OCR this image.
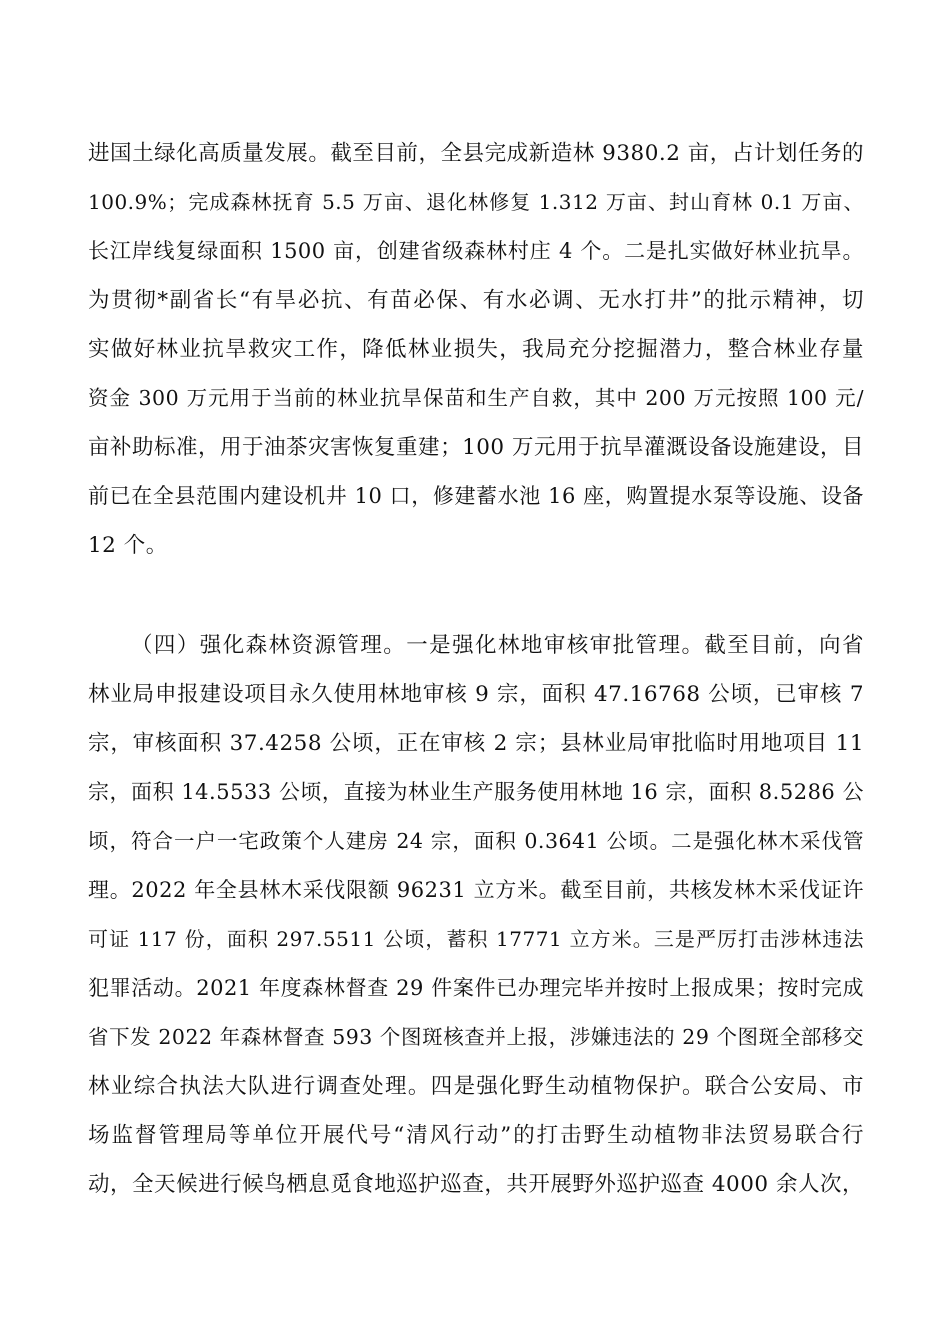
进国土绿化高质量发展。截至目前，全县完成新造林 9380.2 亩，占计划任务的
100.9%；完成森林抚育 5.5 万亩、退化林修复 1.312 万亩、封山育林 0.1 万亩、
长江岸线复绿面积 1500 亩，创建省级森林村庄 4 个。二是扎实做好林业抗旱。
为贯彻*副省长“有旱必抗、有苗必保、有水必调、无水打井”的批示精神，切
实做好林业抗旱救灾工作，降低林业损失，我局充分挖掘潜力，整合林业存量
资金 300 万元用于当前的林业抗旱保苗和生产自救，其中 200 万元按照 100 元/
亩补助标准，用于油茶灾害恢复重建；100 万元用于抗旱灌溉设备设施建设，目
前已在全县范围内建设机井 10 口，修建蓄水池 16 座，购置提水泵等设施、设备
12 个。
（四）强化森林资源管理。一是强化林地审核审批管理。截至目前，向省
林业局申报建设项目永久使用林地审核 9 宗，面积 47.16768 公顷，已审核 7
宗，审核面积 37.4258 公顷，正在审核 2 宗；县林业局审批临时用地项目 11
宗，面积 14.5533 公顷，直接为林业生产服务使用林地 16 宗，面积 8.5286 公
顷，符合一户一宅政策个人建房 24 宗，面积 0.3641 公顷。二是强化林木采伐管
理。2022 年全县林木采伐限额 96231 立方米。截至目前，共核发林木采伐证许
可证 117 份，面积 297.5511 公顷，蓄积 17771 立方米。三是严厉打击涉林违法
犯罪活动。2021 年度森林督查 29 件案件已办理完毕并按时上报成果；按时完成
省下发 2022 年森林督查 593 个图斑核查并上报，涉嫌违法的 29 个图斑全部移交
林业综合执法大队进行调查处理。四是强化野生动植物保护。联合公安局、市
场监督管理局等单位开展代号“清风行动”的打击野生动植物非法贸易联合行
动，全天候进行候鸟栖息觅食地巡护巡查，共开展野外巡护巡查 4000 余人次，
